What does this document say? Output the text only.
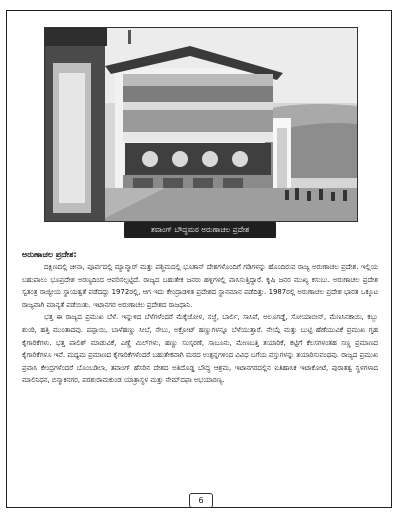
ತವಾಂಗ್ ಬೌದ್ಧಮಠ ಅರುಣಾಚಲ ಪ್ರದೇಶ
ಅರುಣಾಚಲ ಪ್ರದೇಶ:

ದಕ್ಷಿಣದಲ್ಲಿ ಚೀನಾ, ಪೂರ್ವದಲ್ಲಿ ಮ್ಯಾನ್ಮಾರ್ ಮತ್ತು ಪಶ್ಚಿಮದಲ್ಲಿ ಭೂತಾನ್ ದೇಶಗಳೊಂದಿಗೆ ಗಡಿಗಳನ್ನು ಹೊಂದಿರುವ ರಾಜ್ಯ ಅರುಣಾಚಲ ಪ್ರದೇಶ. ಇಲ್ಲಿಯ ಬಹುಪಾಲು ಭೂಪ್ರದೇಶ ಅರಣ್ಯದಿಂದ ಆವರಿಸಲ್ಪಟ್ಟಿದೆ. ರಾಜ್ಯದ ಬಹುತೇಕ ಜನರು ಹಳ್ಳಿಗಳಲ್ಲಿ ವಾಸಿಸುತ್ತಿದ್ದಾರೆ. ಕೃಷಿ ಜನರ ಮುಖ್ಯ ಕಸುಬು. ಅರುಣಾಚಲ ಪ್ರದೇಶ ಸ್ವತಂತ್ರ ರಾಜ್ಯೀಯ ಸ್ಥಾಯತ್ವತೆ ಪಡೆದದ್ದು 1972ರಲ್ಲಿ, ಆಗ ಇದು ಕೇಂದ್ರಾಡಳಿತ ಪ್ರದೇಶದ ಸ್ಥಾನಮಾನ ಪಡೆದಿತ್ತು. 1987ರಲ್ಲಿ ಅರುಣಾಚಲ ಪ್ರದೇಶ ಭಾರತ ಒಕ್ಕೂಟ ರಾಜ್ಯವಾಗಿ ಮಾನ್ಯತೆ ಪಡೆಯಿತು. ಇಟಾನಗರ ಅರುಣಾಚಲ ಪ್ರದೇಶದ ರಾಜಧಾನಿ.

ಭತ್ತ ಈ ರಾಜ್ಯದ ಪ್ರಮುಖ ಬೆಳೆ. ಇನ್ನುಳಿದ ಬೆಳೆಗಳೆಂದರೆ ಮೆಕ್ಕೆಜೋಳ, ಸಜ್ಜೆ, ಬಾರ್ಲಿ, ಸಾಸಿವೆ, ಅಲೂಗಡ್ಡೆ, ಸೋಯಾಬೀನ್, ಮೆಣಸಿನಕಾಯಿ, ಕಬ್ಬು ಶುಂಠಿ, ಹತ್ತಿ ಮುಂತಾದವು. ಪಪ್ಪಾಯಿ, ಬಾಳೆಹಣ್ಣು ಸೀಬೆ, ಸೇಬು, ಅಕ್ರೋಟ್ ಹಣ್ಣುಗಳನ್ನೂ ಬೆಳೆಯುತ್ತಾರೆ. ನೇಯ್ಗೆ ಮತ್ತು ಬುಟ್ಟಿ ಹೆಣೆಯುವಿಕೆ ಪ್ರಮುಖ ಗೃಹ ಕೈಗಾರಿಕೆಗಳು. ಭತ್ತ ಪಾಲಿಶ್ ಮಾಡುವಿಕೆ, ಎಣ್ಣೆ ಮಿಲ್‌ಗಳು, ಹಣ್ಣು ಸಂಸ್ಕರಣೆ, ಸಾಬೂನು, ಮೇಣಬತ್ತಿ ತಯಾರಿಕೆ, ಕಟ್ಟಿಗೆ ಕೆಲಸಗಳಂತಹ ಸಣ್ಣ ಪ್ರಮಾಣದ ಕೈಗಾರಿಕೆಗಳೂ ಇವೆ. ಮಧ್ಯಮ ಪ್ರಮಾಣದ ಕೈಗಾರಿಕೆಗಳೆಂದರೆ ಬಹುತೇಕವಾಗಿ ಮರದ ಉತ್ಪನ್ನಗಳಿಂದ ವಿವಿಧ ಬಗೆಯ ವಸ್ತುಗಳನ್ನು ತಯಾರಿಸುವಂಥವು. ರಾಜ್ಯದ ಪ್ರಮುಖ ಪ್ರವಾಸಿ ಕೇಂದ್ರಗಳೆಂದರೆ ಬೊಂಬಡಿಲಾ, ತವಾಂಗ್ ಹೆಸರಿನ ದೇಶದ ಅತಿದೊಡ್ಡ ಬೌದ್ಧ ಆಶ್ರಮ, ಇಟಾನಗರದಲ್ಲಿನ ಐತಿಹಾಸಿಕ ಇಟಾಕೋಟೆ, ಪುರಾತತ್ವ ಸ್ಥಳಗಳಾದ ಮಾಲಿನಿಥನ, ಬಿಸ್ಮಾಕನಗರ, ಪರಶುರಾಮಕುಂಡ ಯಾತ್ರಾಸ್ಥಳ ಮತ್ತು ನೇಮ್‌ದಫಾ ಅಭಯಾರಣ್ಯ.

6
